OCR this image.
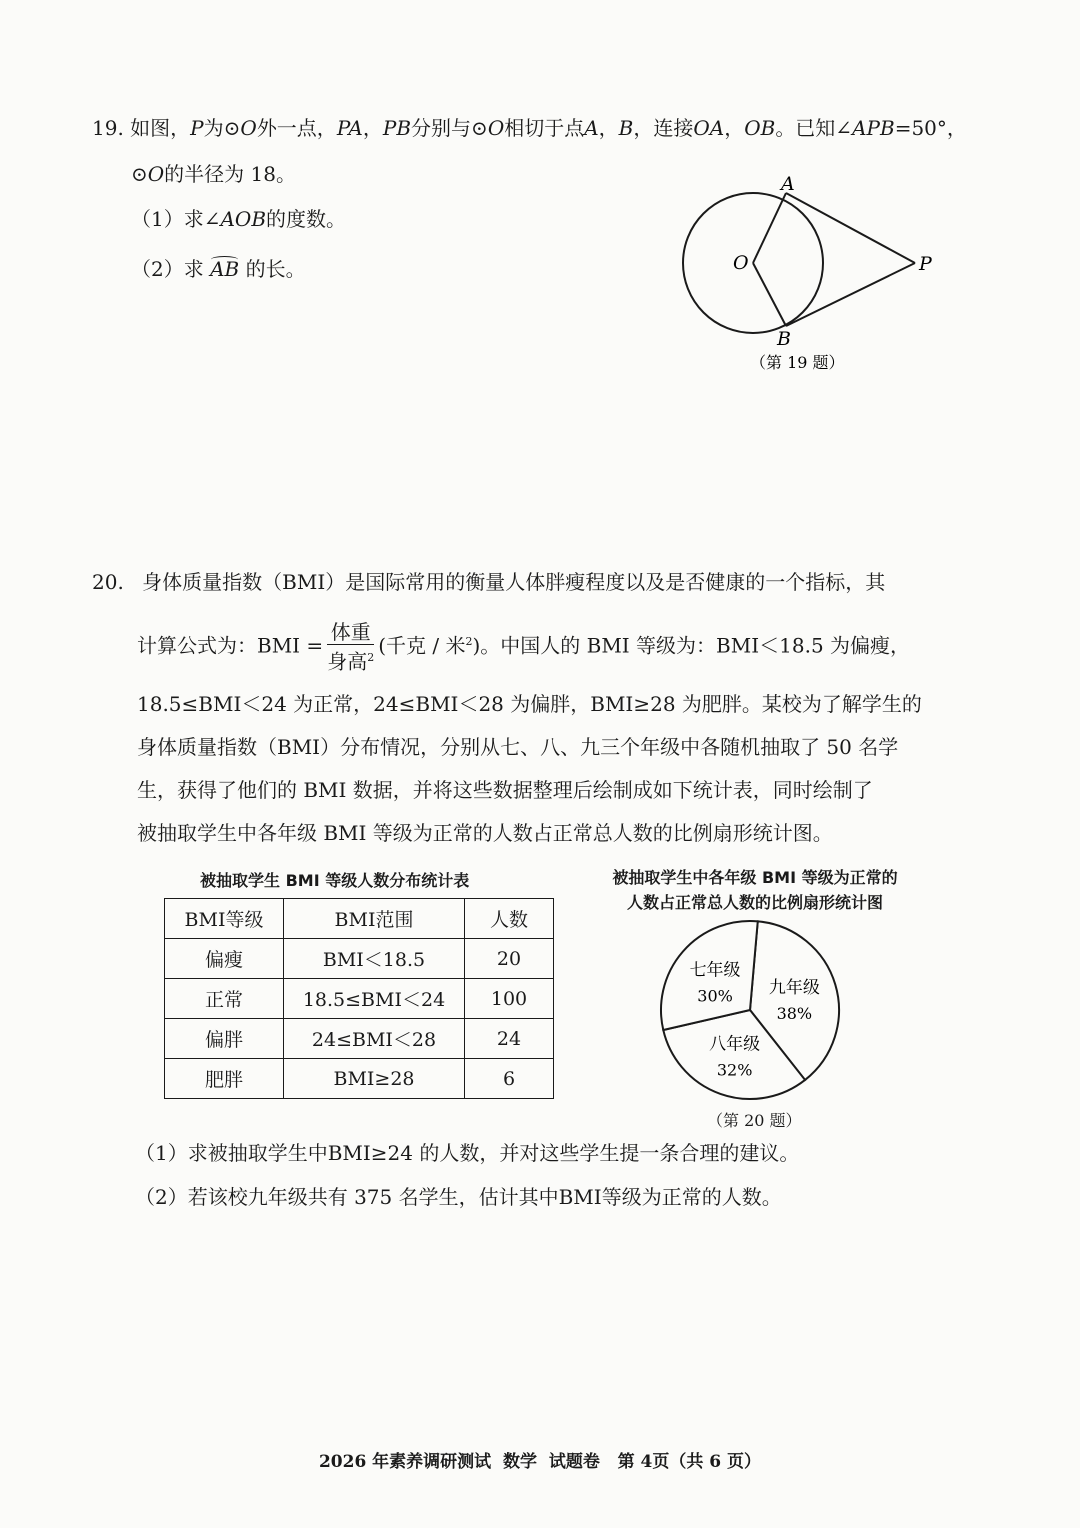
19. 如图，P为⊙O外一点，PA，PB分别与⊙O相切于点A，B，连接OA，OB。已知∠APB=50°，
⊙O的半径为 18。
（1）求∠AOB的度数。
（2）求 AB 的长。
A
B
O	P
（第 19 题）
20. 身体质量指数（BMI）是国际常用的衡量人体胖瘦程度以及是否健康的一个指标，其
计算公式为：BMI = $\frac{\text{体重}}{身高^2}$ (千克 / 米$^2$)。中国人的 BMI 等级为：BMI＜18.5 为偏瘦，
18.5≤BMI＜24 为正常，24≤BMI＜28 为偏胖，BMI≥28 为肥胖。某校为了解学生的
身体质量指数（BMI）分布情况，分别从七、八、九三个年级中各随机抽取了 50 名学
生，获得了他们的 BMI 数据，并将这些数据整理后绘制成如下统计表，同时绘制了
被抽取学生中各年级 BMI 等级为正常的人数占正常总人数的比例扇形统计图。
被抽取学生 BMI 等级人数分布统计表
BMI等级	BMI范围	人数
偏瘦	BMI＜18.5	20
正常	18.5≤BMI＜24	100
偏胖	24≤BMI＜28	24
肥胖	BMI≥28	6
被抽取学生中各年级 BMI 等级为正常的
人数占正常总人数的比例扇形统计图
九年级
38%
八年级
32%
七年级
30%
（第 20 题）
（1）求被抽取学生中BMI≥24 的人数，并对这些学生提一条合理的建议。
（2）若该校九年级共有 375 名学生，估计其中BMI等级为正常的人数。
2026 年素养调研测试  数学  试题卷   第 4页（共 6 页）
